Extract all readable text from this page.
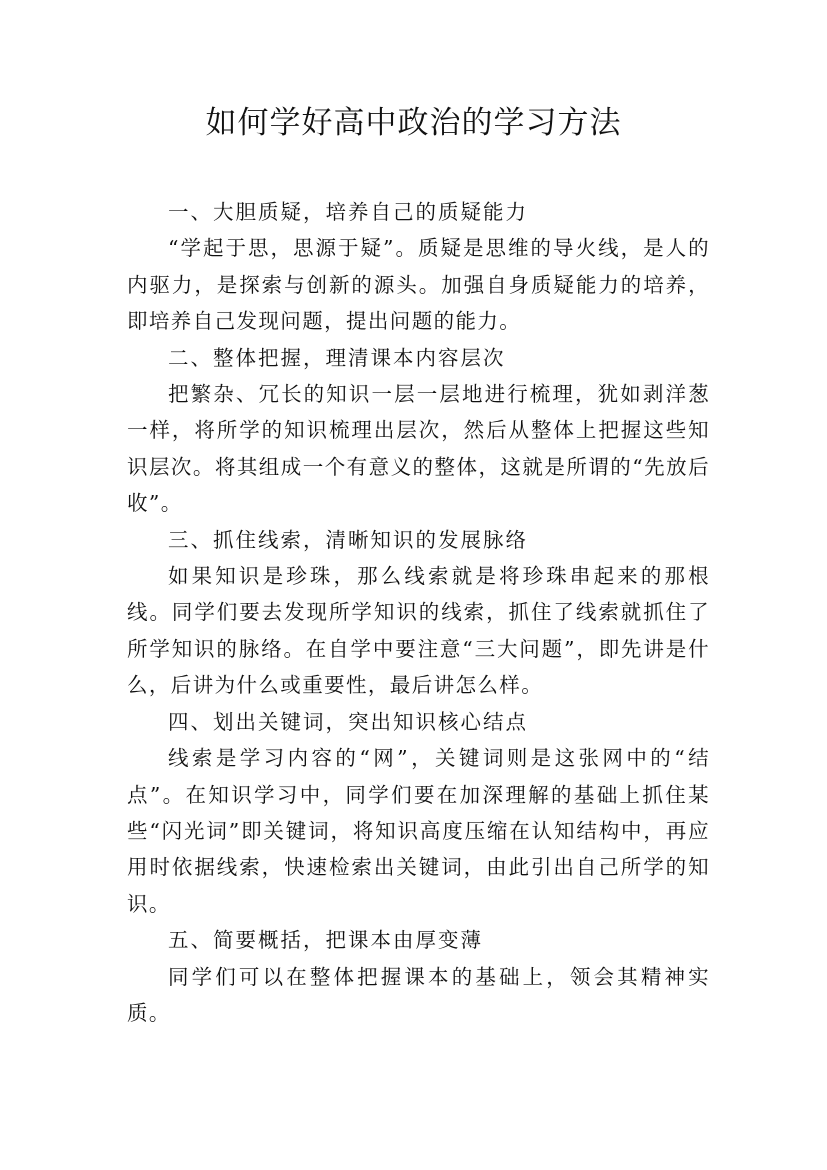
如何学好高中政治的学习方法

一、大胆质疑，培养自己的质疑能力

“学起于思，思源于疑”。质疑是思维的导火线，是人的内驱力，是探索与创新的源头。加强自身质疑能力的培养，即培养自己发现问题，提出问题的能力。

二、整体把握，理清课本内容层次

把繁杂、冗长的知识一层一层地进行梳理，犹如剥洋葱一样，将所学的知识梳理出层次，然后从整体上把握这些知识层次。将其组成一个有意义的整体，这就是所谓的“先放后收”。

三、抓住线索，清晰知识的发展脉络

如果知识是珍珠，那么线索就是将珍珠串起来的那根线。同学们要去发现所学知识的线索，抓住了线索就抓住了所学知识的脉络。在自学中要注意“三大问题”，即先讲是什么，后讲为什么或重要性，最后讲怎么样。

四、划出关键词，突出知识核心结点

线索是学习内容的“网”，关键词则是这张网中的“结点”。在知识学习中，同学们要在加深理解的基础上抓住某些“闪光词”即关键词，将知识高度压缩在认知结构中，再应用时依据线索，快速检索出关键词，由此引出自己所学的知识。

五、简要概括，把课本由厚变薄

同学们可以在整体把握课本的基础上，领会其精神实质。
